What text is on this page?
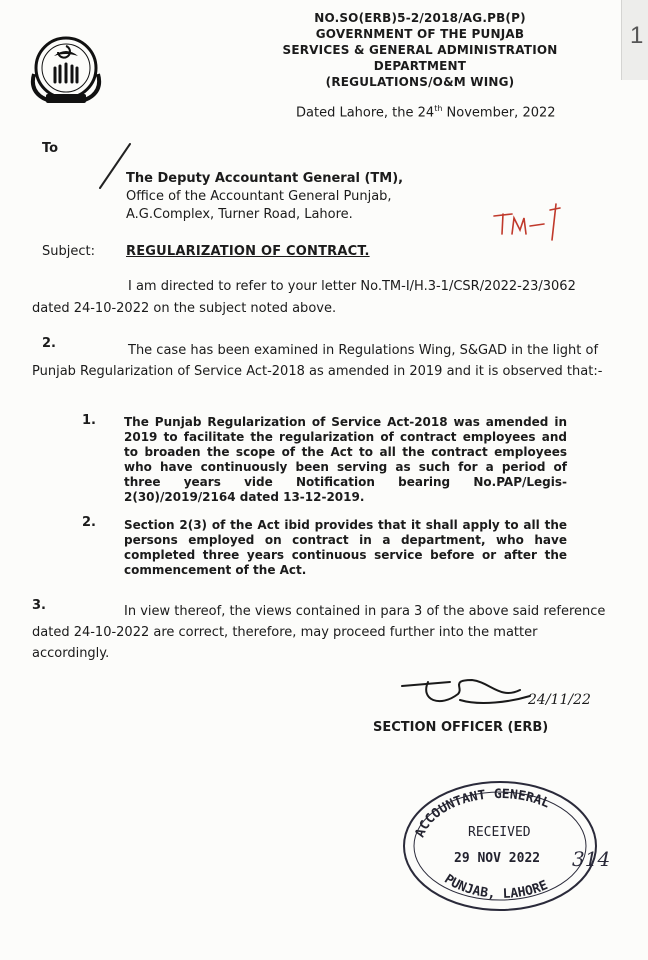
1
NO.SO(ERB)5-2/2018/AG.PB(P)
GOVERNMENT OF THE PUNJAB
SERVICES & GENERAL ADMINISTRATION
DEPARTMENT
(REGULATIONS/O&M WING)
Dated Lahore, the 24th November, 2022
To
The Deputy Accountant General (TM),
Office of the Accountant General Punjab,
A.G.Complex, Turner Road, Lahore.
Subject: REGULARIZATION OF CONTRACT.
I am directed to refer to your letter No.TM-I/H.3-1/CSR/2022-23/3062 dated 24-10-2022 on the subject noted above.
2.	The case has been examined in Regulations Wing, S&GAD in the light of Punjab Regularization of Service Act-2018 as amended in 2019 and it is observed that:-
1. The Punjab Regularization of Service Act-2018 was amended in 2019 to facilitate the regularization of contract employees and to broaden the scope of the Act to all the contract employees who have continuously been serving as such for a period of three years vide Notification bearing No.PAP/Legis-2(30)/2019/2164 dated 13-12-2019.
2. Section 2(3) of the Act ibid provides that it shall apply to all the persons employed on contract in a department, who have completed three years continuous service before or after the commencement of the Act.
3.	In view thereof, the views contained in para 3 of the above said reference dated 24-10-2022 are correct, therefore, may proceed further into the matter accordingly.
24/11/22
SECTION OFFICER (ERB)
ACCOUNTANT GENERAL
RECEIVED
29 NOV 2022 314
PUNJAB, LAHORE
